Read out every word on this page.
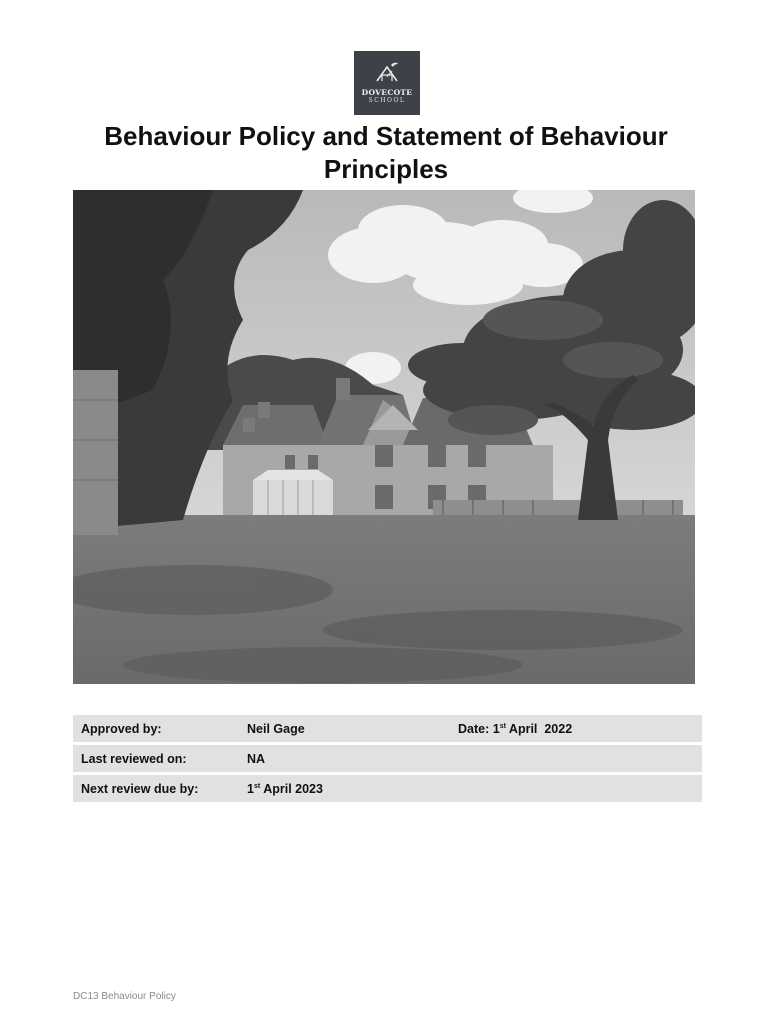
DOVECOTE
SCHOOL
Behaviour Policy and Statement of Behaviour Principles
Approved by:	Neil Gage	Date: 1st April  2022
Last reviewed on:	NA	
Next review due by:	1st April 2023	
DC13 Behaviour Policy
